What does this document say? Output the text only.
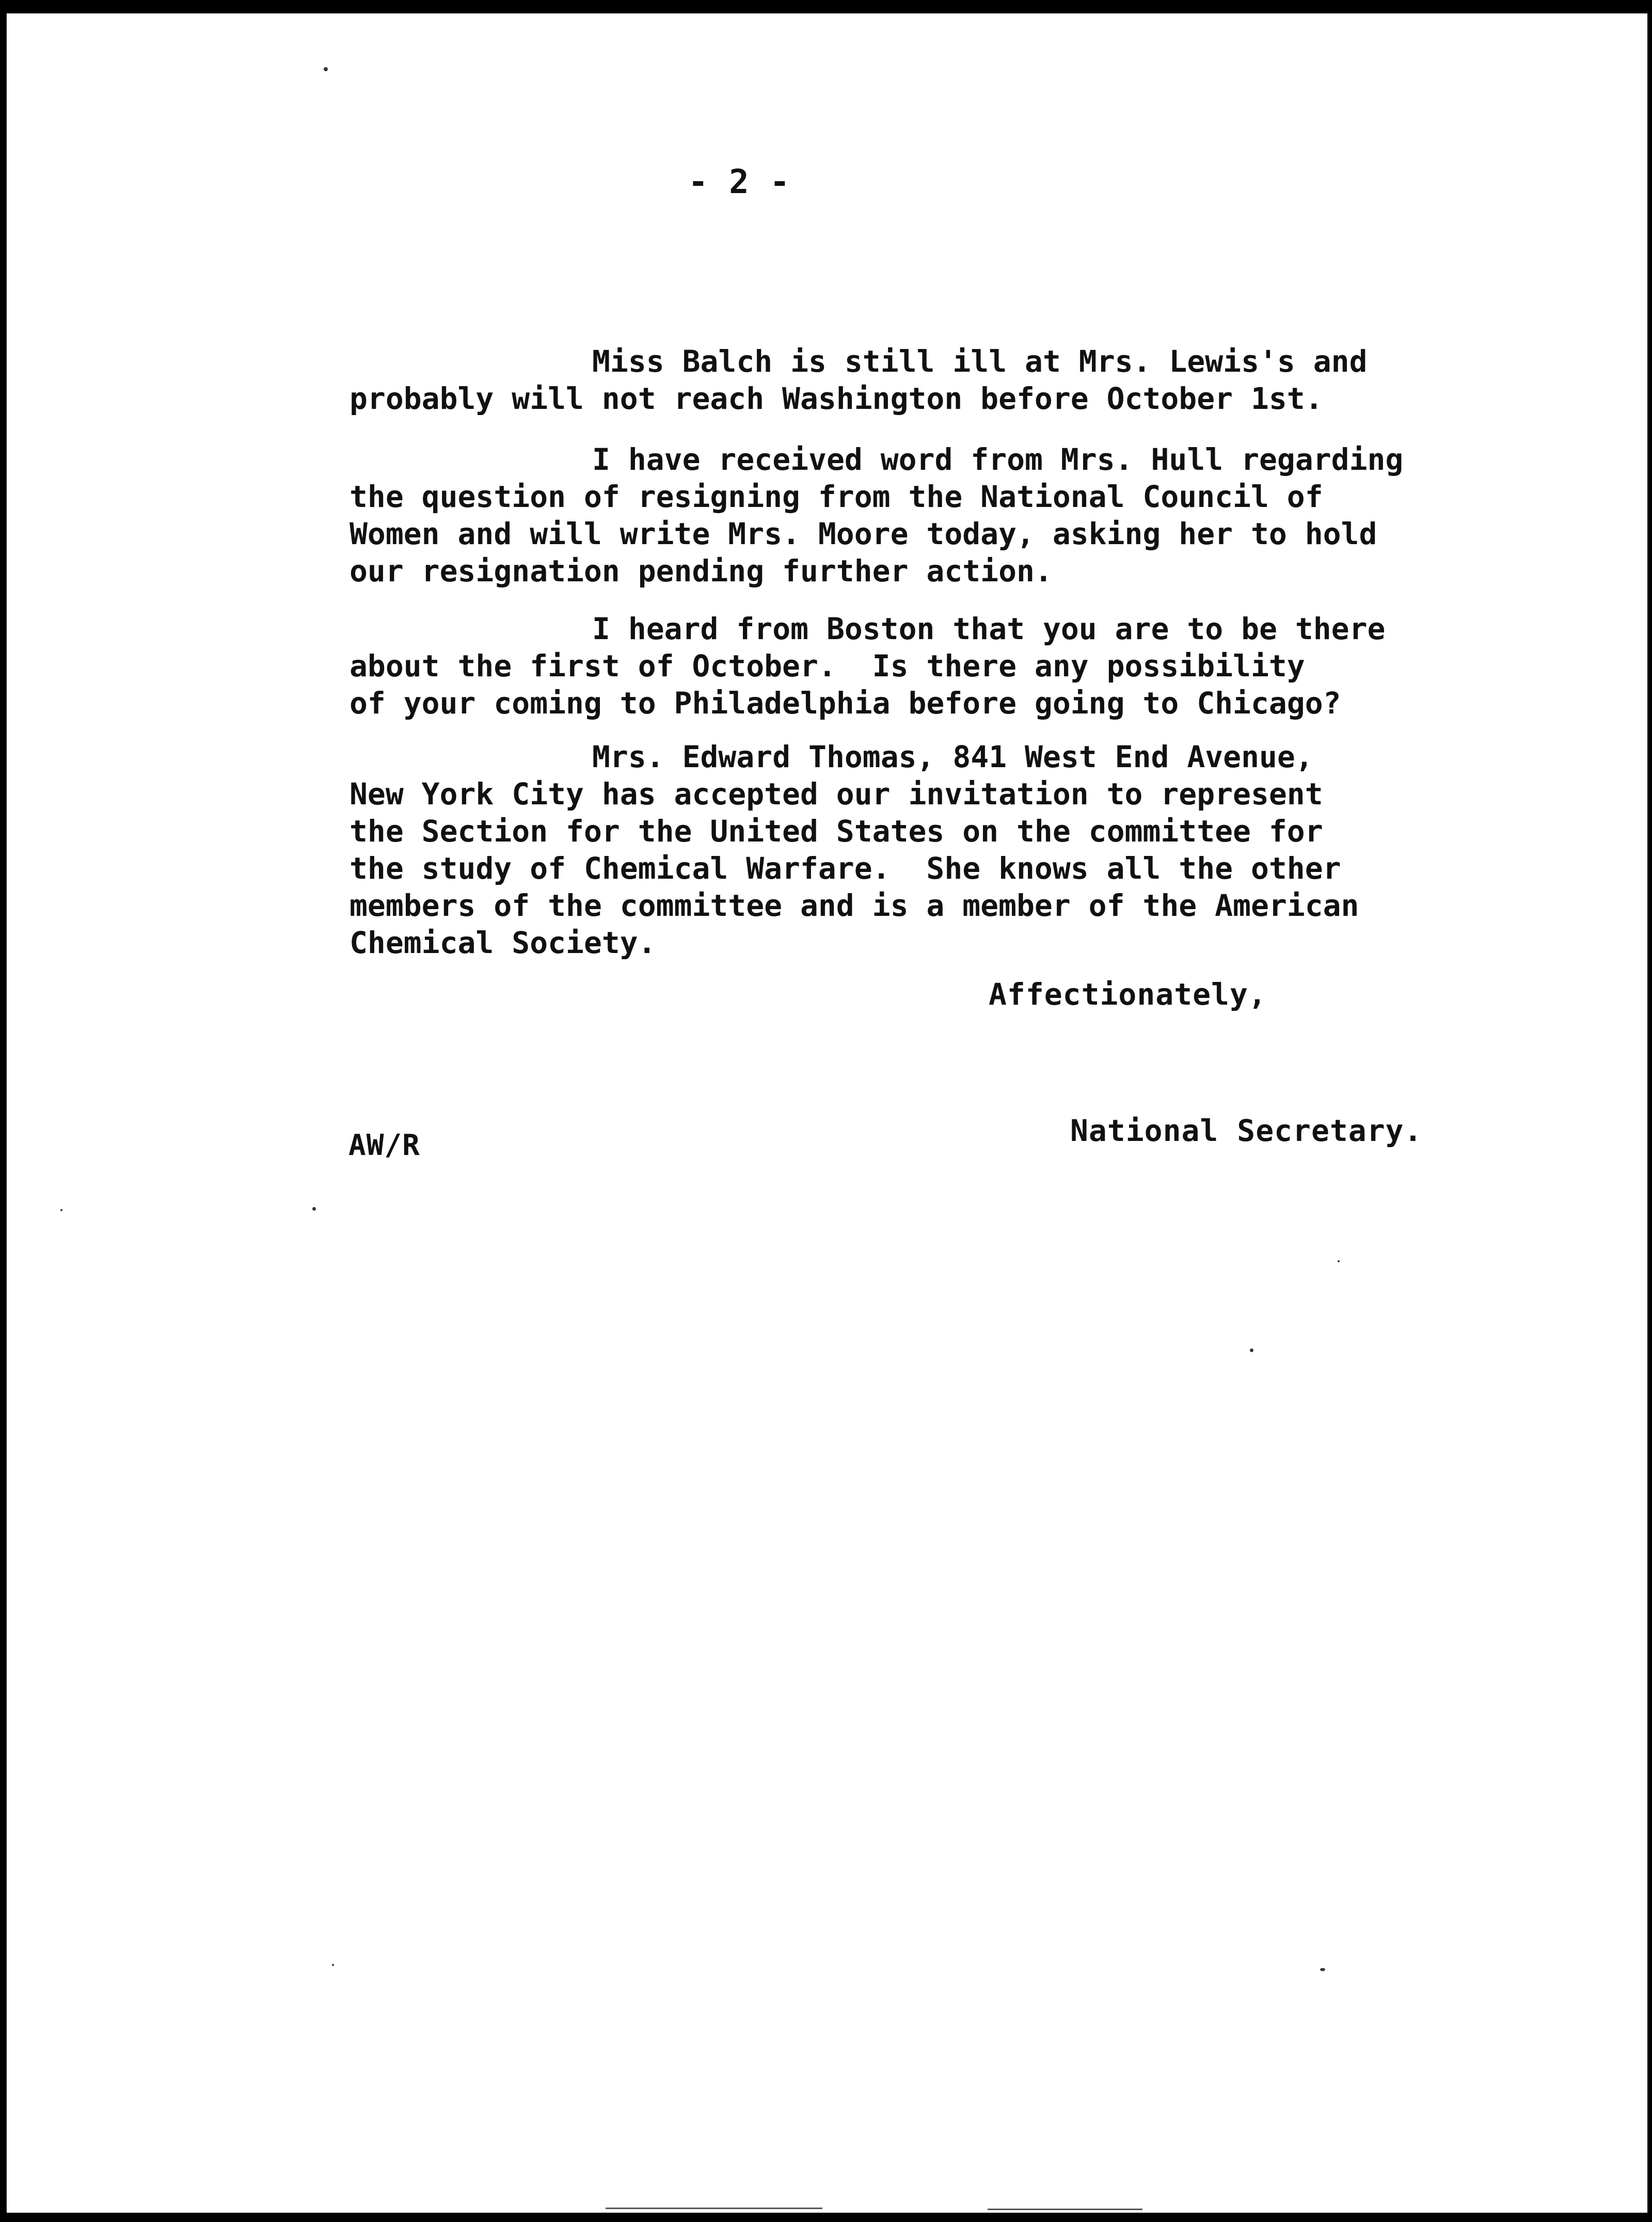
- 2 -
Miss Balch is still ill at Mrs. Lewis's and
probably will not reach Washington before October 1st.
I have received word from Mrs. Hull regarding
the question of resigning from the National Council of
Women and will write Mrs. Moore today, asking her to hold
our resignation pending further action.
I heard from Boston that you are to be there
about the first of October.  Is there any possibility
of your coming to Philadelphia before going to Chicago?
Mrs. Edward Thomas, 841 West End Avenue,
New York City has accepted our invitation to represent
the Section for the United States on the committee for
the study of Chemical Warfare.  She knows all the other
members of the committee and is a member of the American
Chemical Society.
Affectionately,
AW/R	National Secretary.
